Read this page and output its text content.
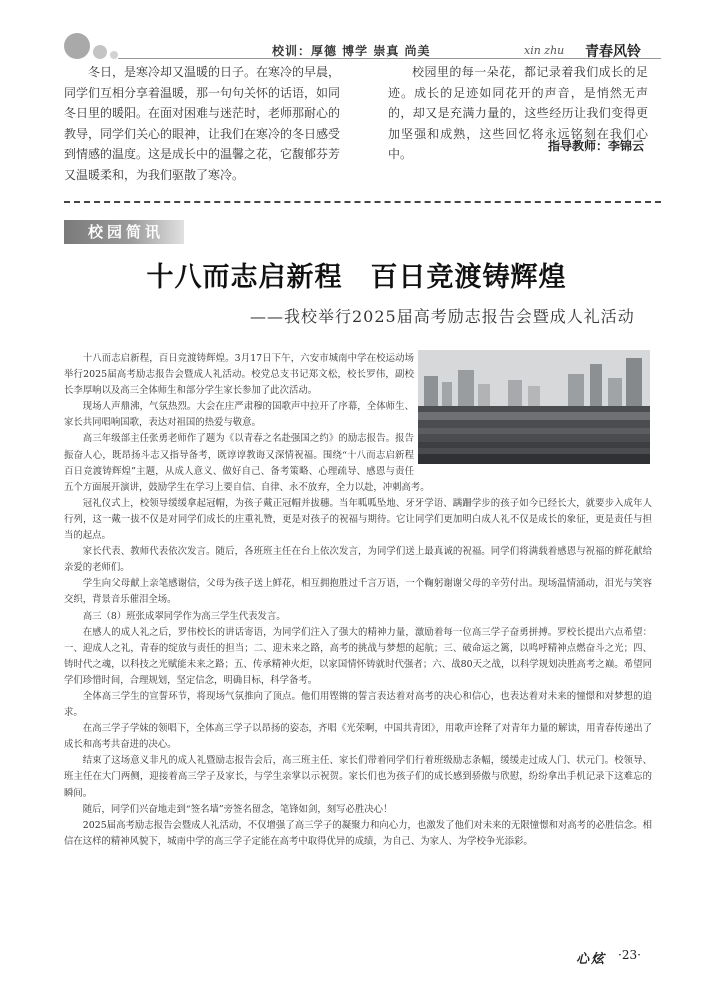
校训：厚德 博学 崇真 尚美	xin zhu 青春风铃

冬日，是寒冷却又温暖的日子。在寒冷的早晨，同学们互相分享着温暖，那一句句关怀的话语，如同冬日里的暖阳。在面对困难与迷茫时，老师那耐心的教导，同学们关心的眼神，让我们在寒冷的冬日感受到情感的温度。这是成长中的温馨之花，它馥郁芬芳又温暖柔和，为我们驱散了寒冷。

校园里的每一朵花，都记录着我们成长的足迹。成长的足迹如同花开的声音，是悄然无声的，却又是充满力量的，这些经历让我们变得更加坚强和成熟，这些回忆将永远铭刻在我们心中。

指导教师：李锦云
校园简讯
十八而志启新程　百日竞渡铸辉煌
——我校举行2025届高考励志报告会暨成人礼活动

十八而志启新程，百日竞渡铸辉煌。3月17日下午，六安市城南中学在校运动场举行2025届高考励志报告会暨成人礼活动。校党总支书记郑文松，校长罗伟，副校长李厚响以及高三全体师生和部分学生家长参加了此次活动。

现场人声鼎沸，气氛热烈。大会在庄严肃穆的国歌声中拉开了序幕，全体师生、家长共同唱响国歌，表达对祖国的热爱与敬意。

高三年级部主任张勇老师作了题为《以青春之名赴强国之约》的励志报告。报告振奋人心，既昂扬斗志又指导备考，既谆谆教诲又深情祝福。围绕“十八而志启新程百日竞渡铸辉煌”主题，从成人意义、做好自己、备考策略、心理疏导、感恩与责任五个方面展开演讲，鼓励学生在学习上要自信、自律、永不放弃，全力以赴，冲刺高考。

冠礼仪式上，校领导缓缓拿起冠帽，为孩子戴正冠帽并拔穗。当年呱呱坠地、牙牙学语、蹒跚学步的孩子如今已经长大，就要步入成年人行列，这一戴一拔不仅是对同学们成长的庄重礼赞，更是对孩子的祝福与期待。它让同学们更加明白成人礼不仅是成长的象征，更是责任与担当的起点。

家长代表、教师代表依次发言。随后，各班班主任在台上依次发言，为同学们送上最真诚的祝福。同学们将满载着感恩与祝福的鲜花献给亲爱的老师们。

学生向父母献上亲笔感谢信，父母为孩子送上鲜花，相互拥抱胜过千言万语，一个鞠躬谢谢父母的辛劳付出。现场温情涌动，泪光与笑容交织，背景音乐催泪全场。

高三（8）班张成翠同学作为高三学生代表发言。

在感人的成人礼之后，罗伟校长的讲话寄语，为同学们注入了强大的精神力量，激励着每一位高三学子奋勇拼搏。罗校长提出六点希望：一、迎成人之礼，青春的绽放与责任的担当；二、迎未来之路，高考的挑战与梦想的起航；三、破命运之篱，以鸣呼精神点燃奋斗之光；四、铸时代之魂，以科技之光赋能未来之路；五、传承精神火炬，以家国情怀铸就时代强者；六、战80天之战，以科学规划决胜高考之巅。希望同学们珍惜时间，合理规划，坚定信念，明确目标，科学备考。

全体高三学生的宣誓环节，将现场气氛推向了顶点。他们用铿锵的誓言表达着对高考的决心和信心，也表达着对未来的憧憬和对梦想的追求。

在高三学子学妹的领唱下，全体高三学子以昂扬的姿态，齐唱《光荣啊，中国共青团》，用歌声诠释了对青年力量的解读，用青春传递出了成长和高考共奋进的决心。

结束了这场意义非凡的成人礼暨励志报告会后，高三班主任、家长们带着同学们行着班级励志条幅，缓缓走过成人门、状元门。校领导、班主任在大门两侧，迎接着高三学子及家长，与学生亲掌以示祝贺。家长们也为孩子们的成长感到骄傲与欣慰，纷纷拿出手机记录下这难忘的瞬间。

随后，同学们兴奋地走到“签名墙”旁签名留念，笔锋如剑，刻写必胜决心！

2025届高考励志报告会暨成人礼活动，不仅增强了高三学子的凝聚力和向心力，也激发了他们对未来的无限憧憬和对高考的必胜信念。相信在这样的精神风貌下，城南中学的高三学子定能在高考中取得优异的成绩，为自己、为家人、为学校争光添彩。

心炫 ·23·
